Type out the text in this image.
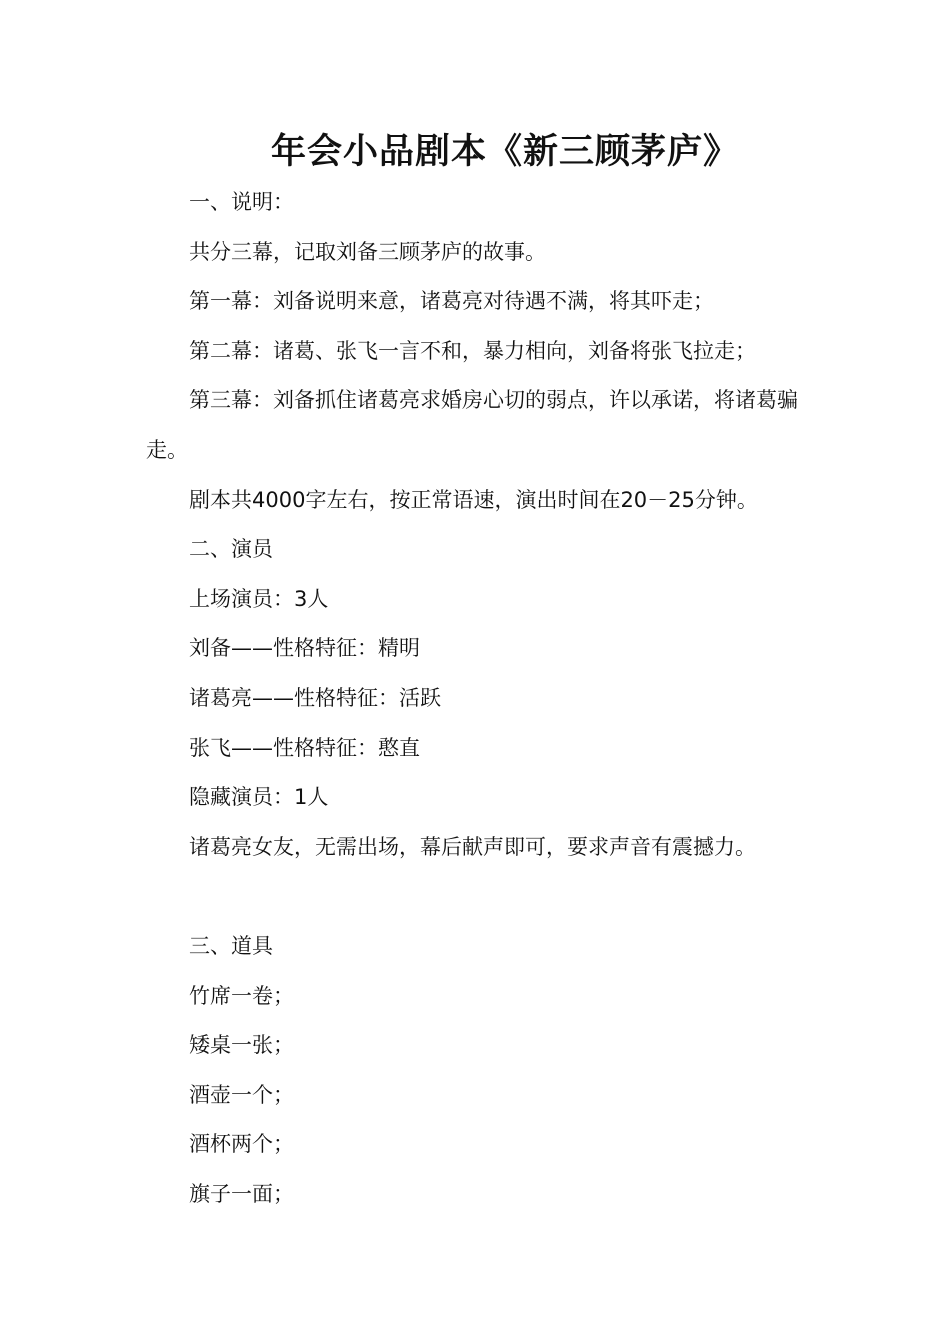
年会小品剧本《新三顾茅庐》

一、说明：

共分三幕，记取刘备三顾茅庐的故事。

第一幕：刘备说明来意，诸葛亮对待遇不满，将其吓走；

第二幕：诸葛、张飞一言不和，暴力相向，刘备将张飞拉走；

第三幕：刘备抓住诸葛亮求婚房心切的弱点，许以承诺，将诸葛骗走。

剧本共4000字左右，按正常语速，演出时间在20－25分钟。

二、演员

上场演员：3人

刘备——性格特征：精明

诸葛亮——性格特征：活跃

张飞——性格特征：憨直

隐藏演员：1人

诸葛亮女友，无需出场，幕后献声即可，要求声音有震撼力。

三、道具

竹席一卷；

矮桌一张；

酒壶一个；

酒杯两个；

旗子一面；
